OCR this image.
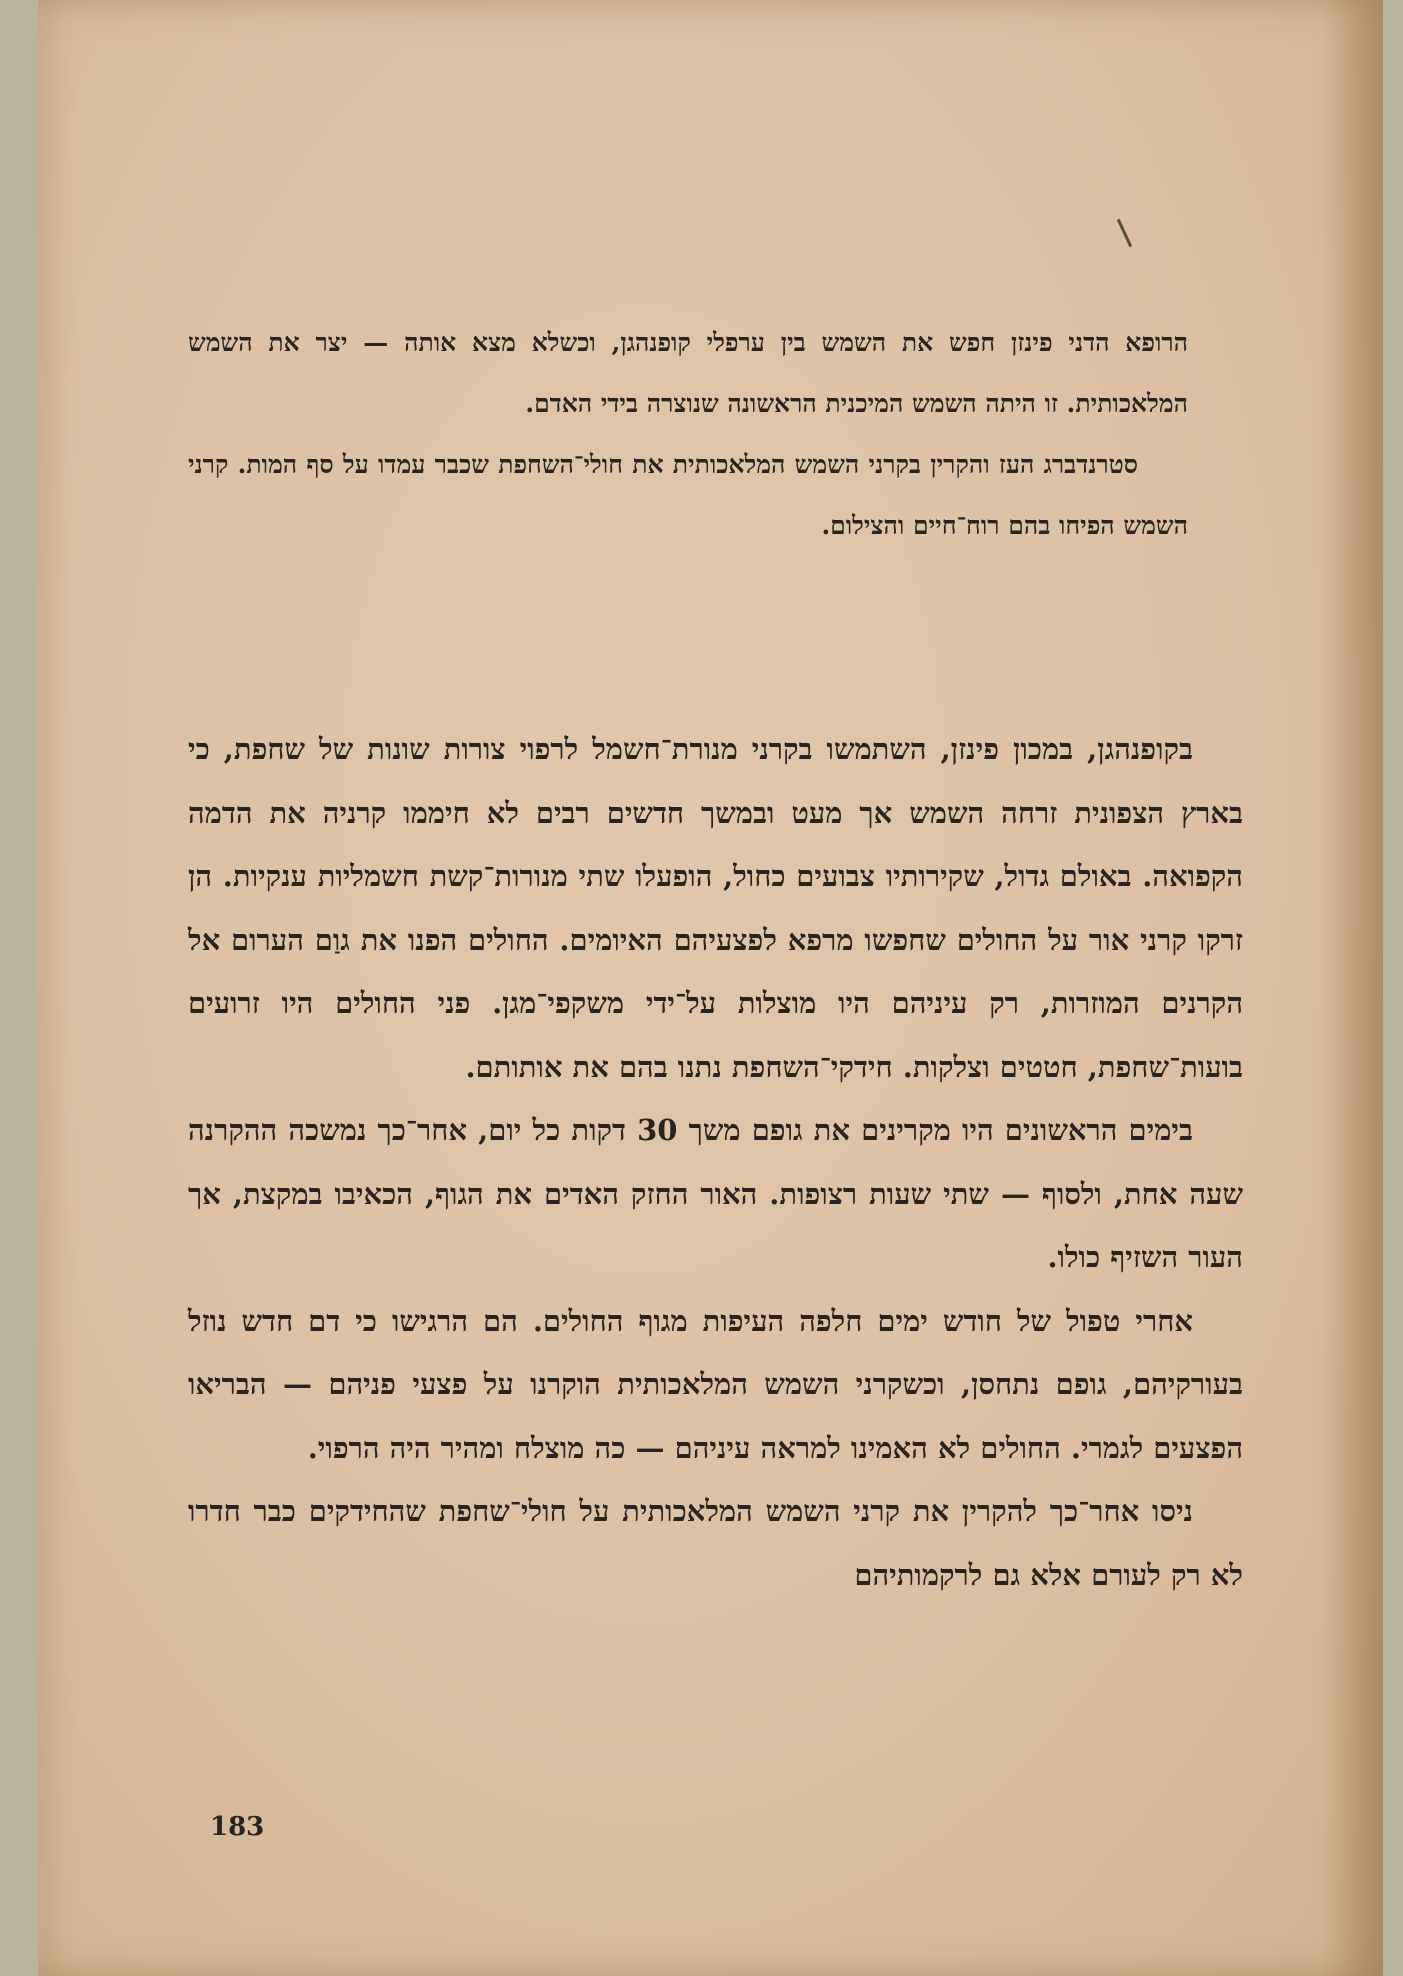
הרופא הדני פינזן חפש את השמש בין ערפלי קופנהגן, וכשלא מצא אותה — יצר את השמש המלאכותית. זו היתה השמש המיכנית הראשונה שנוצרה בידי האדם.

סטרנדברג העז והקרין בקרני השמש המלאכותית את חולי־השחפת שכבר עמדו על סף המות. קרני השמש הפיחו בהם רוח־חיים והצילום.

בקופנהגן, במכון פינזן, השתמשו בקרני מנורת־חשמל לרפוי צורות שונות של שחפת, כי בארץ הצפונית זרחה השמש אך מעט ובמשך חדשים רבים לא חיממו קרניה את הדמה הקפואה. באולם גדול, שקירותיו צבועים כחול, הופעלו שתי מנורות־קשת חשמליות ענקיות. הן זרקו קרני אור על החולים שחפשו מרפא לפצעיהם האיומים. החולים הפנו את גוַם הערום אל הקרנים המוזרות, רק עיניהם היו מוצלות על־ידי משקפי־מגן. פני החולים היו זרועים בועות־שחפת, חטטים וצלקות. חידקי־השחפת נתנו בהם את אותותם.

בימים הראשונים היו מקרינים את גופם משך 30 דקות כל יום, אחר־כך נמשכה ההקרנה שעה אחת, ולסוף — שתי שעות רצופות. האור החזק האדים את הגוף, הכאיבו במקצת, אך העור השזיף כולו.

אחרי טפול של חודש ימים חלפה העיפות מגוף החולים. הם הרגישו כי דם חדש נוזל בעורקיהם, גופם נתחסן, וכשקרני השמש המלאכותית הוקרנו על פצעי פניהם — הבריאו הפצעים לגמרי. החולים לא האמינו למראה עיניהם — כה מוצלח ומהיר היה הרפוי.

ניסו אחר־כך להקרין את קרני השמש המלאכותית על חולי־שחפת שהחידקים כבר חדרו לא רק לעורם אלא גם לרקמותיהם

183
